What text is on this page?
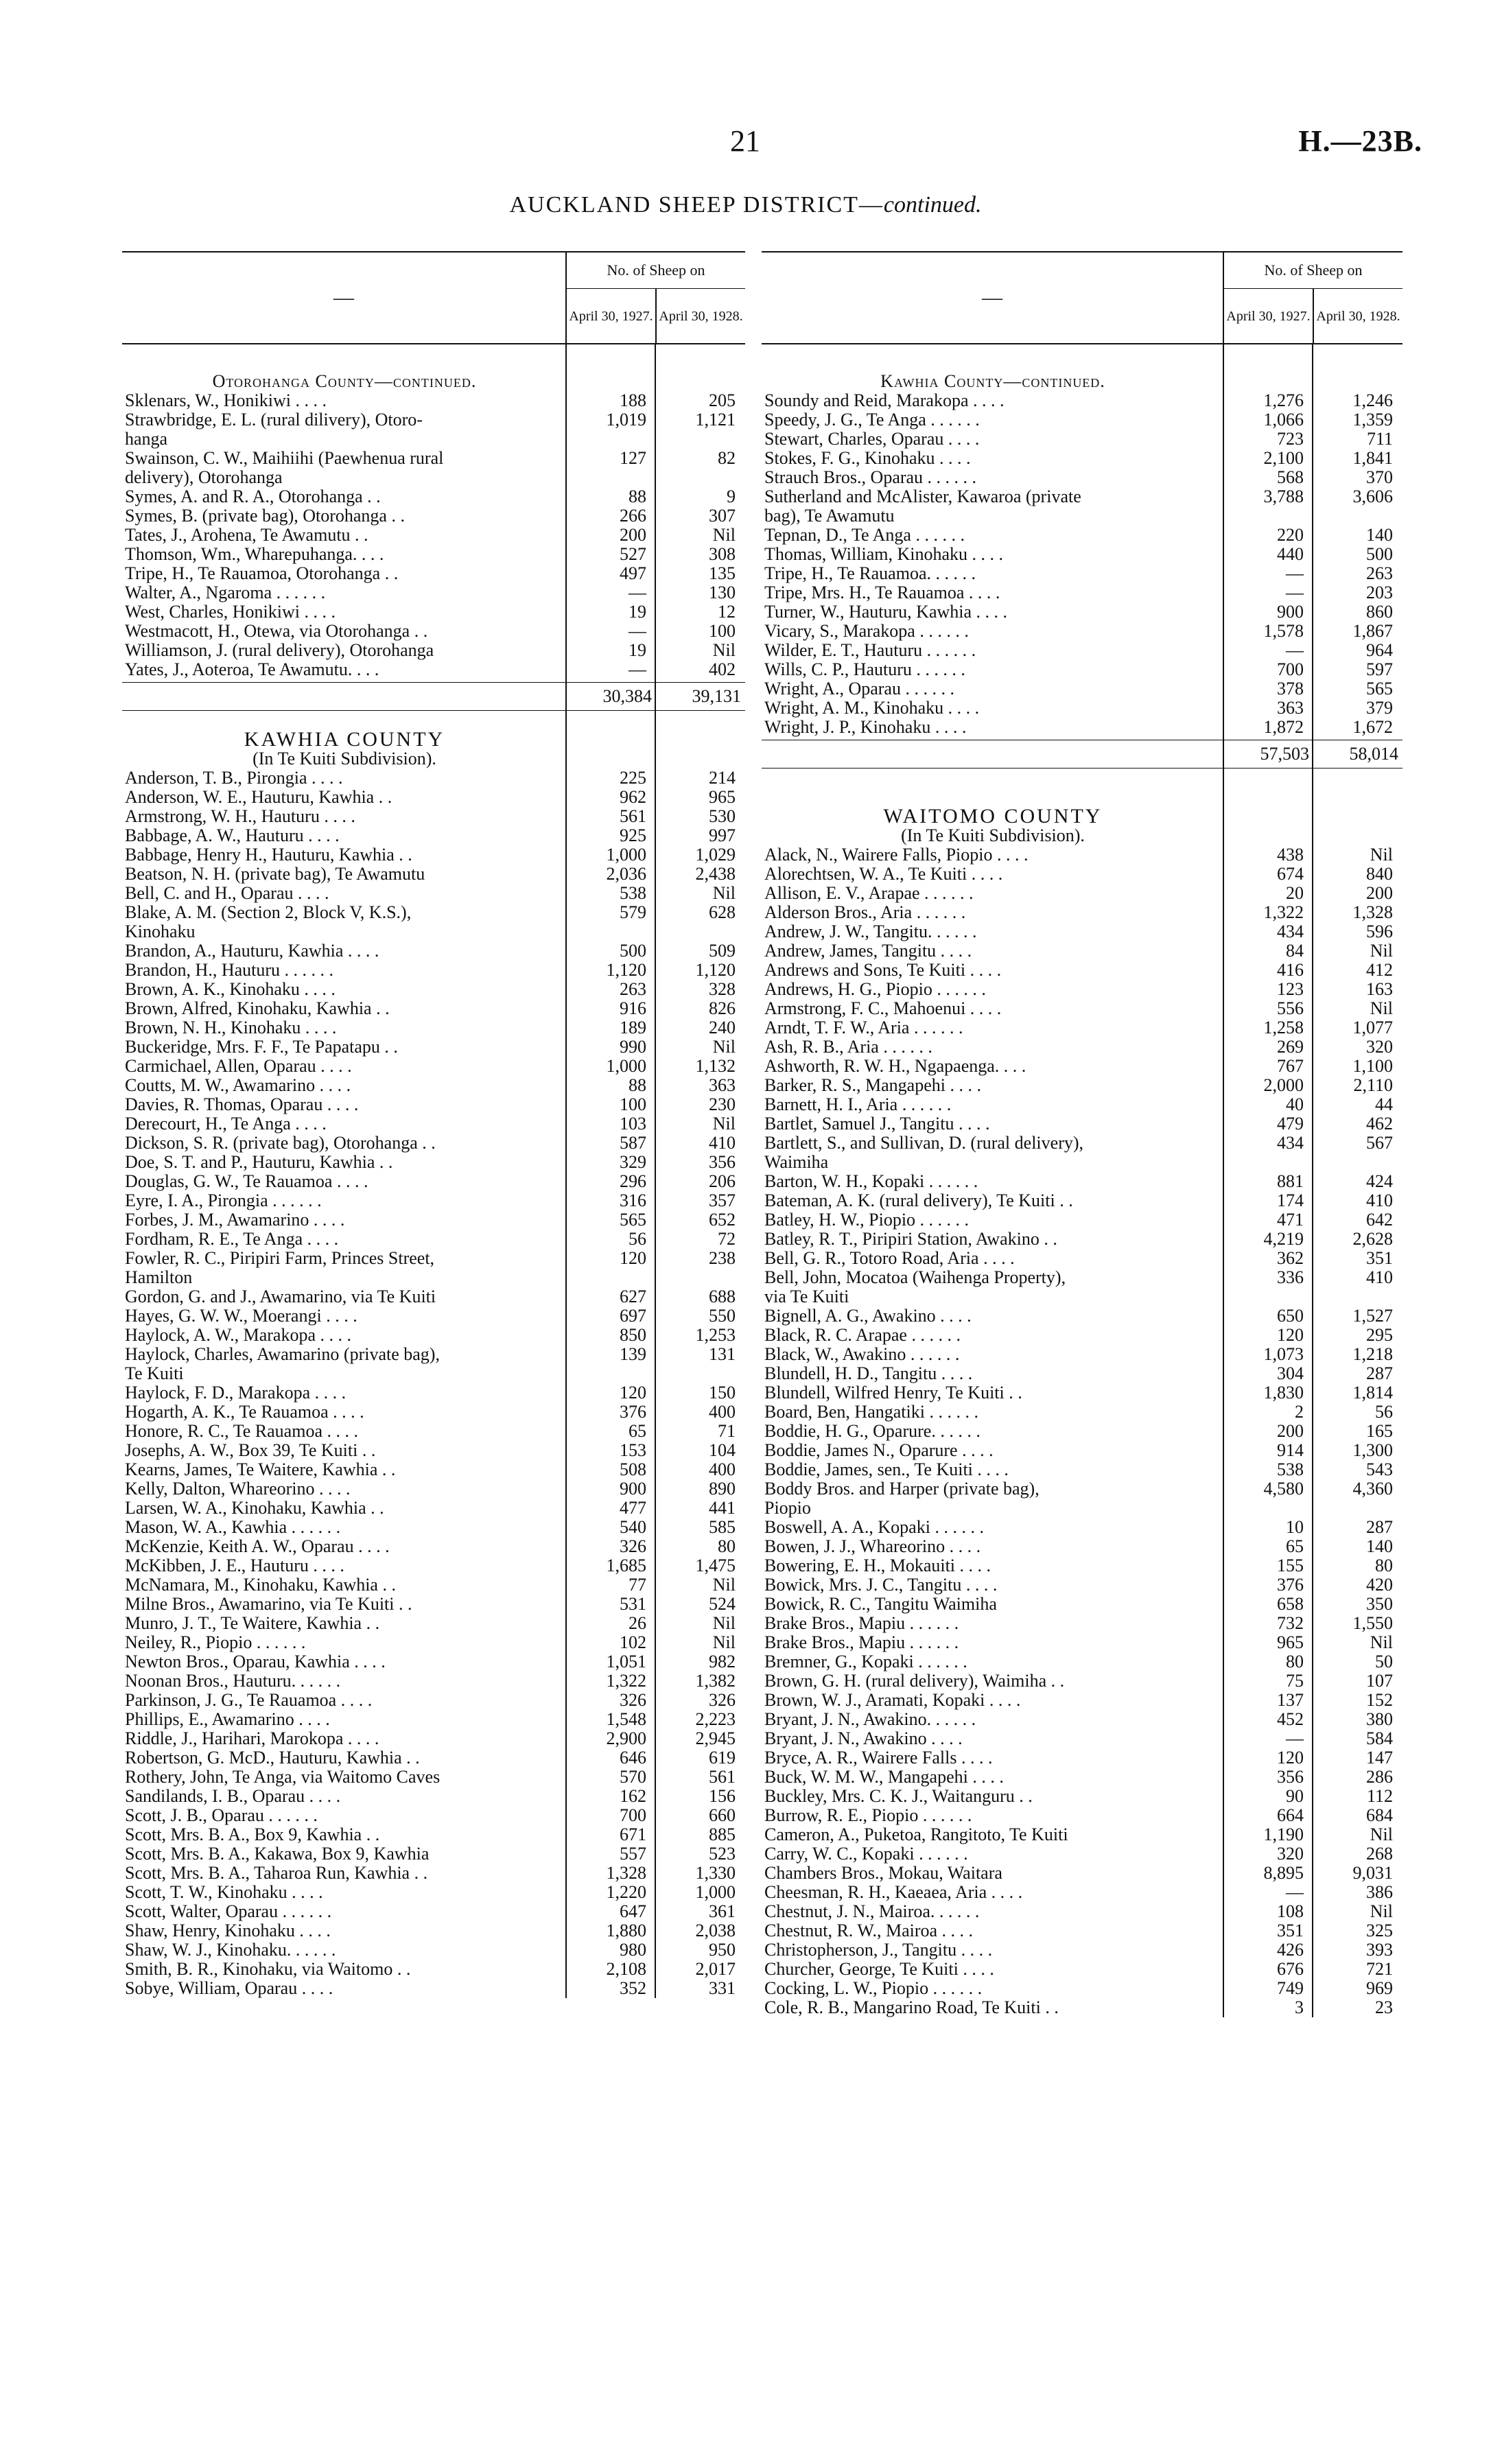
21	H.—23B.
AUCKLAND SHEEP DISTRICT—continued.
—
No. of Sheep on
April 30, 1927. April 30, 1928.
Otorohanga County—continued.
Sklenars, W., Honikiwi . . . .	188	205
Strawbridge, E. L. (rural dilivery), Otoro-	1,019	1,121
hanga
Swainson, C. W., Maihiihi (Paewhenua rural	127	82
delivery), Otorohanga
Symes, A. and R. A., Otorohanga . .	88	9
Symes, B. (private bag), Otorohanga . .	266	307
Tates, J., Arohena, Te Awamutu . .	200	Nil
Thomson, Wm., Wharepuhanga. . . .	527	308
Tripe, H., Te Rauamoa, Otorohanga . .	497	135
Walter, A., Ngaroma . . . . . .	—	130
West, Charles, Honikiwi . . . .	19	12
Westmacott, H., Otewa, via Otorohanga . .	—	100
Williamson, J. (rural delivery), Otorohanga	19	Nil
Yates, J., Aoteroa, Te Awamutu. . . .	—	402
30,384	39,131
KAWHIA COUNTY
(In Te Kuiti Subdivision).
Anderson, T. B., Pirongia . . . .	225	214
Anderson, W. E., Hauturu, Kawhia . .	962	965
Armstrong, W. H., Hauturu . . . .	561	530
Babbage, A. W., Hauturu . . . .	925	997
Babbage, Henry H., Hauturu, Kawhia . .	1,000	1,029
Beatson, N. H. (private bag), Te Awamutu	2,036	2,438
Bell, C. and H., Oparau . . . .	538	Nil
Blake, A. M. (Section 2, Block V, K.S.),	579	628
Kinohaku
Brandon, A., Hauturu, Kawhia . . . .	500	509
Brandon, H., Hauturu . . . . . .	1,120	1,120
Brown, A. K., Kinohaku . . . .	263	328
Brown, Alfred, Kinohaku, Kawhia . .	916	826
Brown, N. H., Kinohaku . . . .	189	240
Buckeridge, Mrs. F. F., Te Papatapu . .	990	Nil
Carmichael, Allen, Oparau . . . .	1,000	1,132
Coutts, M. W., Awamarino . . . .	88	363
Davies, R. Thomas, Oparau . . . .	100	230
Derecourt, H., Te Anga . . . .	103	Nil
Dickson, S. R. (private bag), Otorohanga . .	587	410
Doe, S. T. and P., Hauturu, Kawhia . .	329	356
Douglas, G. W., Te Rauamoa . . . .	296	206
Eyre, I. A., Pirongia . . . . . .	316	357
Forbes, J. M., Awamarino . . . .	565	652
Fordham, R. E., Te Anga . . . .	56	72
Fowler, R. C., Piripiri Farm, Princes Street,	120	238
Hamilton
Gordon, G. and J., Awamarino, via Te Kuiti	627	688
Hayes, G. W. W., Moerangi . . . .	697	550
Haylock, A. W., Marakopa . . . .	850	1,253
Haylock, Charles, Awamarino (private bag),	139	131
Te Kuiti
Haylock, F. D., Marakopa . . . .	120	150
Hogarth, A. K., Te Rauamoa . . . .	376	400
Honore, R. C., Te Rauamoa . . . .	65	71
Josephs, A. W., Box 39, Te Kuiti . .	153	104
Kearns, James, Te Waitere, Kawhia . .	508	400
Kelly, Dalton, Whareorino . . . .	900	890
Larsen, W. A., Kinohaku, Kawhia . .	477	441
Mason, W. A., Kawhia . . . . . .	540	585
McKenzie, Keith A. W., Oparau . . . .	326	80
McKibben, J. E., Hauturu . . . .	1,685	1,475
McNamara, M., Kinohaku, Kawhia . .	77	Nil
Milne Bros., Awamarino, via Te Kuiti . .	531	524
Munro, J. T., Te Waitere, Kawhia . .	26	Nil
Neiley, R., Piopio . . . . . .	102	Nil
Newton Bros., Oparau, Kawhia . . . .	1,051	982
Noonan Bros., Hauturu. . . . . .	1,322	1,382
Parkinson, J. G., Te Rauamoa . . . .	326	326
Phillips, E., Awamarino . . . .	1,548	2,223
Riddle, J., Harihari, Marokopa . . . .	2,900	2,945
Robertson, G. McD., Hauturu, Kawhia . .	646	619
Rothery, John, Te Anga, via Waitomo Caves	570	561
Sandilands, I. B., Oparau . . . .	162	156
Scott, J. B., Oparau . . . . . .	700	660
Scott, Mrs. B. A., Box 9, Kawhia . .	671	885
Scott, Mrs. B. A., Kakawa, Box 9, Kawhia	557	523
Scott, Mrs. B. A., Taharoa Run, Kawhia . .	1,328	1,330
Scott, T. W., Kinohaku . . . .	1,220	1,000
Scott, Walter, Oparau . . . . . .	647	361
Shaw, Henry, Kinohaku . . . .	1,880	2,038
Shaw, W. J., Kinohaku. . . . . .	980	950
Smith, B. R., Kinohaku, via Waitomo . .	2,108	2,017
Sobye, William, Oparau . . . .	352	331
—
No. of Sheep on
April 30, 1927. April 30, 1928.
Kawhia County—continued.
Soundy and Reid, Marakopa . . . .	1,276	1,246
Speedy, J. G., Te Anga . . . . . .	1,066	1,359
Stewart, Charles, Oparau . . . .	723	711
Stokes, F. G., Kinohaku . . . .	2,100	1,841
Strauch Bros., Oparau . . . . . .	568	370
Sutherland and McAlister, Kawaroa (private	3,788	3,606
bag), Te Awamutu
Tepnan, D., Te Anga . . . . . .	220	140
Thomas, William, Kinohaku . . . .	440	500
Tripe, H., Te Rauamoa. . . . . .	—	263
Tripe, Mrs. H., Te Rauamoa . . . .	—	203
Turner, W., Hauturu, Kawhia . . . .	900	860
Vicary, S., Marakopa . . . . . .	1,578	1,867
Wilder, E. T., Hauturu . . . . . .	—	964
Wills, C. P., Hauturu . . . . . .	700	597
Wright, A., Oparau . . . . . .	378	565
Wright, A. M., Kinohaku . . . .	363	379
Wright, J. P., Kinohaku . . . .	1,872	1,672
57,503	58,014
WAITOMO COUNTY
(In Te Kuiti Subdivision).
Alack, N., Wairere Falls, Piopio . . . .	438	Nil
Alorechtsen, W. A., Te Kuiti . . . .	674	840
Allison, E. V., Arapae . . . . . .	20	200
Alderson Bros., Aria . . . . . .	1,322	1,328
Andrew, J. W., Tangitu. . . . . .	434	596
Andrew, James, Tangitu . . . .	84	Nil
Andrews and Sons, Te Kuiti . . . .	416	412
Andrews, H. G., Piopio . . . . . .	123	163
Armstrong, F. C., Mahoenui . . . .	556	Nil
Arndt, T. F. W., Aria . . . . . .	1,258	1,077
Ash, R. B., Aria . . . . . .	269	320
Ashworth, R. W. H., Ngapaenga. . . .	767	1,100
Barker, R. S., Mangapehi . . . .	2,000	2,110
Barnett, H. I., Aria . . . . . .	40	44
Bartlet, Samuel J., Tangitu . . . .	479	462
Bartlett, S., and Sullivan, D. (rural delivery),	434	567
Waimiha
Barton, W. H., Kopaki . . . . . .	881	424
Bateman, A. K. (rural delivery), Te Kuiti . .	174	410
Batley, H. W., Piopio . . . . . .	471	642
Batley, R. T., Piripiri Station, Awakino . .	4,219	2,628
Bell, G. R., Totoro Road, Aria . . . .	362	351
Bell, John, Mocatoa (Waihenga Property),	336	410
via Te Kuiti
Bignell, A. G., Awakino . . . .	650	1,527
Black, R. C. Arapae . . . . . .	120	295
Black, W., Awakino . . . . . .	1,073	1,218
Blundell, H. D., Tangitu . . . .	304	287
Blundell, Wilfred Henry, Te Kuiti . .	1,830	1,814
Board, Ben, Hangatiki . . . . . .	2	56
Boddie, H. G., Oparure. . . . . .	200	165
Boddie, James N., Oparure . . . .	914	1,300
Boddie, James, sen., Te Kuiti . . . .	538	543
Boddy Bros. and Harper (private bag),	4,580	4,360
Piopio
Boswell, A. A., Kopaki . . . . . .	10	287
Bowen, J. J., Whareorino . . . .	65	140
Bowering, E. H., Mokauiti . . . .	155	80
Bowick, Mrs. J. C., Tangitu . . . .	376	420
Bowick, R. C., Tangitu Waimiha	658	350
Brake Bros., Mapiu . . . . . .	732	1,550
Brake Bros., Mapiu . . . . . .	965	Nil
Bremner, G., Kopaki . . . . . .	80	50
Brown, G. H. (rural delivery), Waimiha . .	75	107
Brown, W. J., Aramati, Kopaki . . . .	137	152
Bryant, J. N., Awakino. . . . . .	452	380
Bryant, J. N., Awakino . . . .	—	584
Bryce, A. R., Wairere Falls . . . .	120	147
Buck, W. M. W., Mangapehi . . . .	356	286
Buckley, Mrs. C. K. J., Waitanguru . .	90	112
Burrow, R. E., Piopio . . . . . .	664	684
Cameron, A., Puketoa, Rangitoto, Te Kuiti	1,190	Nil
Carry, W. C., Kopaki . . . . . .	320	268
Chambers Bros., Mokau, Waitara	8,895	9,031
Cheesman, R. H., Kaeaea, Aria . . . .	—	386
Chestnut, J. N., Mairoa. . . . . .	108	Nil
Chestnut, R. W., Mairoa . . . .	351	325
Christopherson, J., Tangitu . . . .	426	393
Churcher, George, Te Kuiti . . . .	676	721
Cocking, L. W., Piopio . . . . . .	749	969
Cole, R. B., Mangarino Road, Te Kuiti . .	3	23
